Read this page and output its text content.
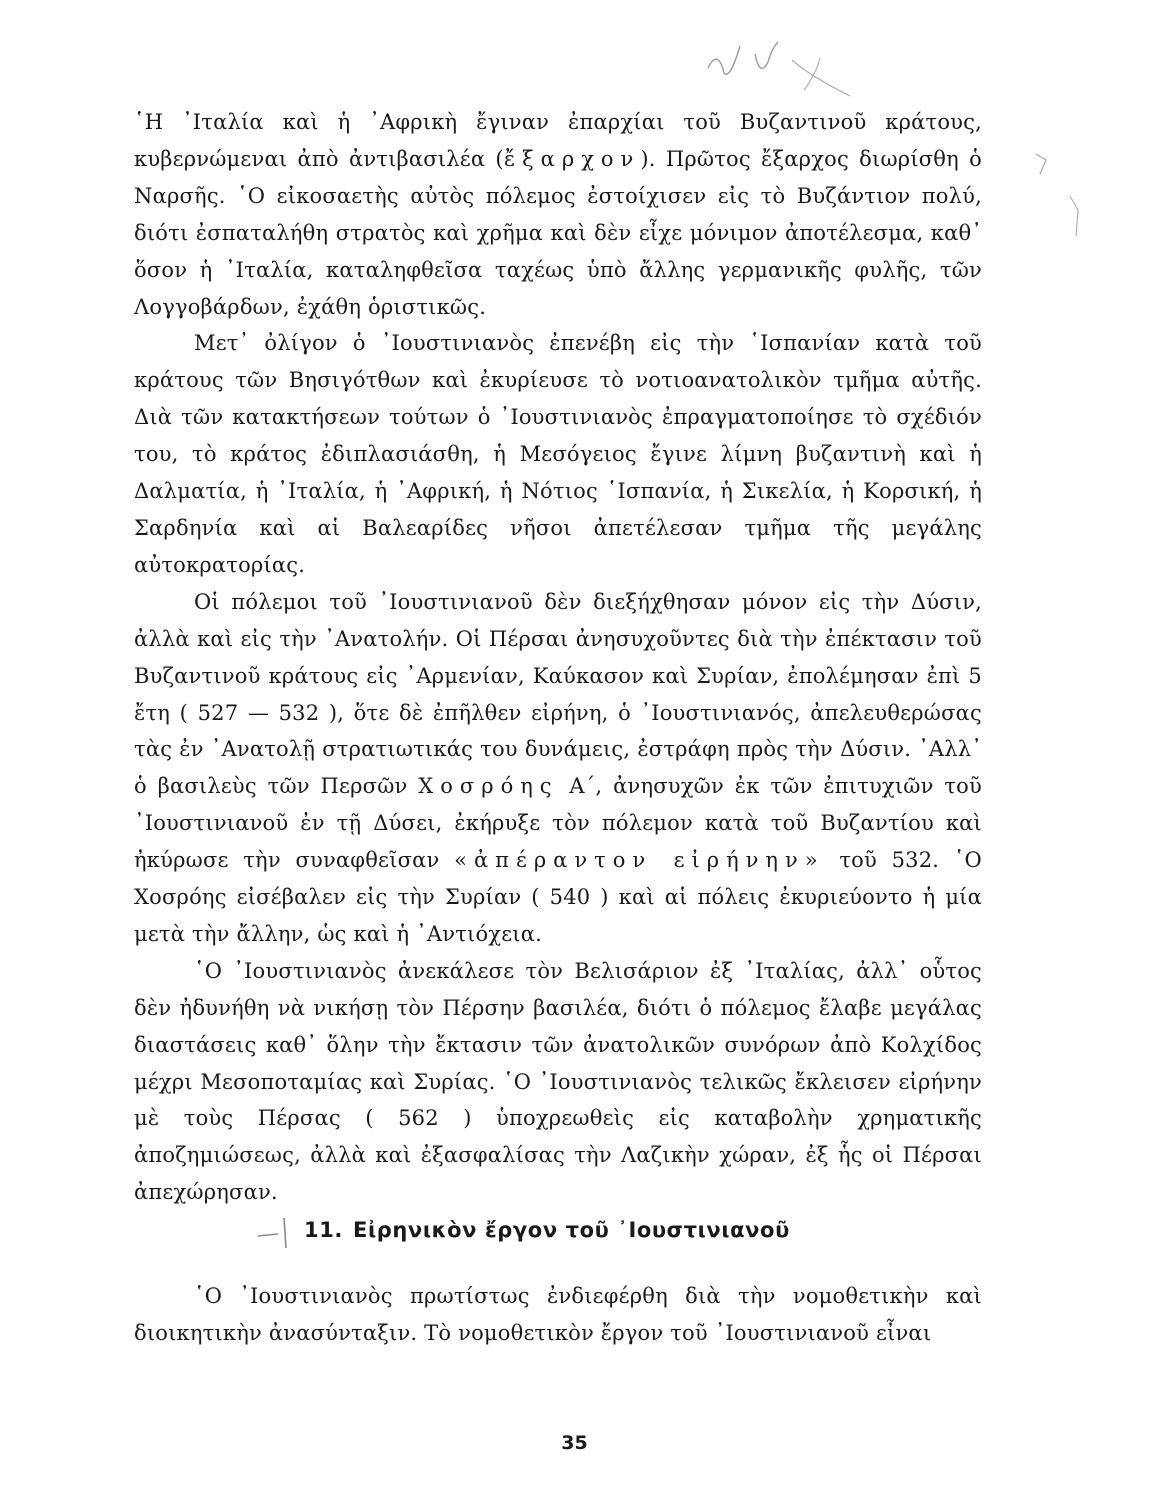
῾Η ᾿Ιταλία καὶ ἡ ᾿Αφρικὴ ἔγιναν ἐπαρχίαι τοῦ Βυζαντινοῦ κράτους, κυβερνώμεναι ἀπὸ ἀντιβασιλέα (ἔξαρχον). Πρῶτος ἔξαρχος διωρίσθη ὁ Ναρσῆς. ῾Ο εἰκοσαετὴς αὐτὸς πόλεμος ἐστοίχισεν εἰς τὸ Βυζάντιον πολύ, διότι ἐσπαταλήθη στρατὸς καὶ χρῆμα καὶ δὲν εἶχε μόνιμον ἀποτέλεσμα, καθ᾿ ὅσον ἡ ᾿Ιταλία, καταληφθεῖσα ταχέως ὑπὸ ἄλλης γερμανικῆς φυλῆς, τῶν Λογγοβάρδων, ἐχάθη ὁριστικῶς.

Μετ᾿ ὀλίγον ὁ ᾿Ιουστινιανὸς ἐπενέβη εἰς τὴν ῾Ισπανίαν κατὰ τοῦ κράτους τῶν Βησιγότθων καὶ ἐκυρίευσε τὸ νοτιοανατολικὸν τμῆμα αὐτῆς. Διὰ τῶν κατακτήσεων τούτων ὁ ᾿Ιουστινιανὸς ἐπραγματοποίησε τὸ σχέδιόν του, τὸ κράτος ἐδιπλασιάσθη, ἡ Μεσόγειος ἔγινε λίμνη βυζαντινὴ καὶ ἡ Δαλματία, ἡ ᾿Ιταλία, ἡ ᾿Αφρική, ἡ Νότιος ῾Ισπανία, ἡ Σικελία, ἡ Κορσική, ἡ Σαρδηνία καὶ αἱ Βαλεαρίδες νῆσοι ἀπετέλεσαν τμῆμα τῆς μεγάλης αὐτοκρατορίας.

Οἱ πόλεμοι τοῦ ᾿Ιουστινιανοῦ δὲν διεξήχθησαν μόνον εἰς τὴν Δύσιν, ἀλλὰ καὶ εἰς τὴν ᾿Ανατολήν. Οἱ Πέρσαι ἀνησυχοῦντες διὰ τὴν ἐπέκτασιν τοῦ Βυζαντινοῦ κράτους εἰς ᾿Αρμενίαν, Καύκασον καὶ Συρίαν, ἐπολέμησαν ἐπὶ 5 ἔτη ( 527 — 532 ), ὅτε δὲ ἐπῆλθεν εἰρήνη, ὁ ᾿Ιουστινιανός, ἀπελευθερώσας τὰς ἐν ᾿Ανατολῇ στρατιωτικάς του δυνάμεις, ἐστράφη πρὸς τὴν Δύσιν. ᾿Αλλ᾿ ὁ βασιλεὺς τῶν Περσῶν Χοσρόης Α΄, ἀνησυχῶν ἐκ τῶν ἐπιτυχιῶν τοῦ ᾿Ιουστινιανοῦ ἐν τῇ Δύσει, ἐκήρυξε τὸν πόλεμον κατὰ τοῦ Βυζαντίου καὶ ἠκύρωσε τὴν συναφθεῖσαν «ἀπέραντον εἰρήνην» τοῦ 532. ῾Ο Χοσρόης εἰσέβαλεν εἰς τὴν Συρίαν ( 540 ) καὶ αἱ πόλεις ἐκυριεύοντο ἡ μία μετὰ τὴν ἄλλην, ὡς καὶ ἡ ᾿Αντιόχεια.

῾Ο ᾿Ιουστινιανὸς ἀνεκάλεσε τὸν Βελισάριον ἐξ ᾿Ιταλίας, ἀλλ᾿ οὗτος δὲν ἠδυνήθη νὰ νικήσῃ τὸν Πέρσην βασιλέα, διότι ὁ πόλεμος ἔλαβε μεγάλας διαστάσεις καθ᾿ ὅλην τὴν ἔκτασιν τῶν ἀνατολικῶν συνόρων ἀπὸ Κολχίδος μέχρι Μεσοποταμίας καὶ Συρίας. ῾Ο ᾿Ιουστινιανὸς τελικῶς ἔκλεισεν εἰρήνην μὲ τοὺς Πέρσας ( 562 ) ὑποχρεωθεὶς εἰς καταβολὴν χρηματικῆς ἀποζημιώσεως, ἀλλὰ καὶ ἐξασφαλίσας τὴν Λαζικὴν χώραν, ἐξ ἧς οἱ Πέρσαι ἀπεχώρησαν.

11. Εἰρηνικὸν ἔργον τοῦ ᾿Ιουστινιανοῦ

῾Ο ᾿Ιουστινιανὸς πρωτίστως ἐνδιεφέρθη διὰ τὴν νομοθετικὴν καὶ διοικητικὴν ἀνασύνταξιν. Τὸ νομοθετικὸν ἔργον τοῦ ᾿Ιουστινιανοῦ εἶναι

35
